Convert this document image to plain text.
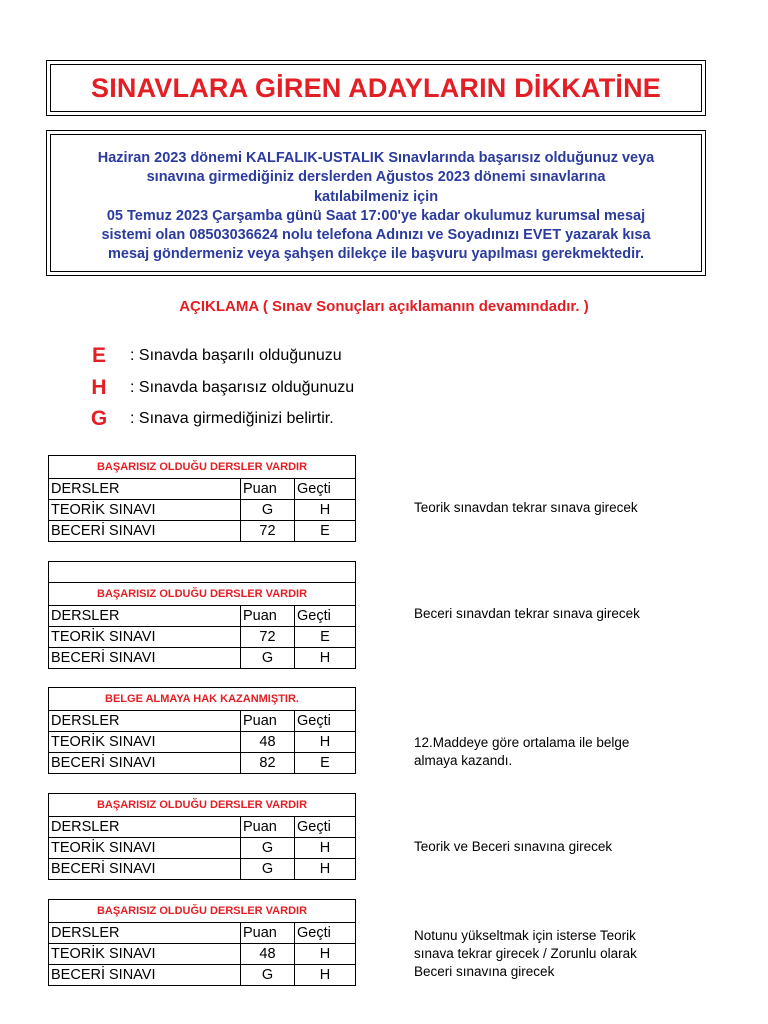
SINAVLARA GİREN ADAYLARIN DİKKATİNE
Haziran 2023 dönemi KALFALIK-USTALIK Sınavlarında başarısız olduğunuz veya
sınavına girmediğiniz derslerden Ağustos 2023 dönemi sınavlarına
katılabilmeniz için
05 Temuz 2023 Çarşamba günü Saat 17:00'ye kadar okulumuz kurumsal mesaj
sistemi olan 08503036624 nolu telefona Adınızı ve Soyadınızı EVET yazarak kısa
mesaj göndermeniz veya şahşen dilekçe ile başvuru yapılması gerekmektedir.
AÇIKLAMA ( Sınav Sonuçları açıklamanın devamındadır. )
E : Sınavda başarılı olduğunuzu
H : Sınavda başarısız olduğunuzu
G : Sınava girmediğinizi belirtir.
BAŞARISIZ OLDUĞU DERSLER VARDIR		
DERSLER	Puan	Geçti
TEORİK SINAVI	G	H
BECERİ SINAVI	72	E
Teorik sınavdan tekrar sınava girecek

BAŞARISIZ OLDUĞU DERSLER VARDIR		
DERSLER	Puan	Geçti
TEORİK SINAVI	72	E
BECERİ SINAVI	G	H
Beceri sınavdan tekrar sınava girecek
BELGE ALMAYA HAK KAZANMIŞTIR.		
DERSLER	Puan	Geçti
TEORİK SINAVI	48	H
BECERİ SINAVI	82	E
12.Maddeye göre ortalama ile belge
almaya kazandı.
BAŞARISIZ OLDUĞU DERSLER VARDIR		
DERSLER	Puan	Geçti
TEORİK SINAVI	G	H
BECERİ SINAVI	G	H
Teorik ve Beceri sınavına girecek
BAŞARISIZ OLDUĞU DERSLER VARDIR		
DERSLER	Puan	Geçti
TEORİK SINAVI	48	H
BECERİ SINAVI	G	H
Notunu yükseltmak için isterse Teorik
sınava tekrar girecek / Zorunlu olarak
Beceri sınavına girecek
